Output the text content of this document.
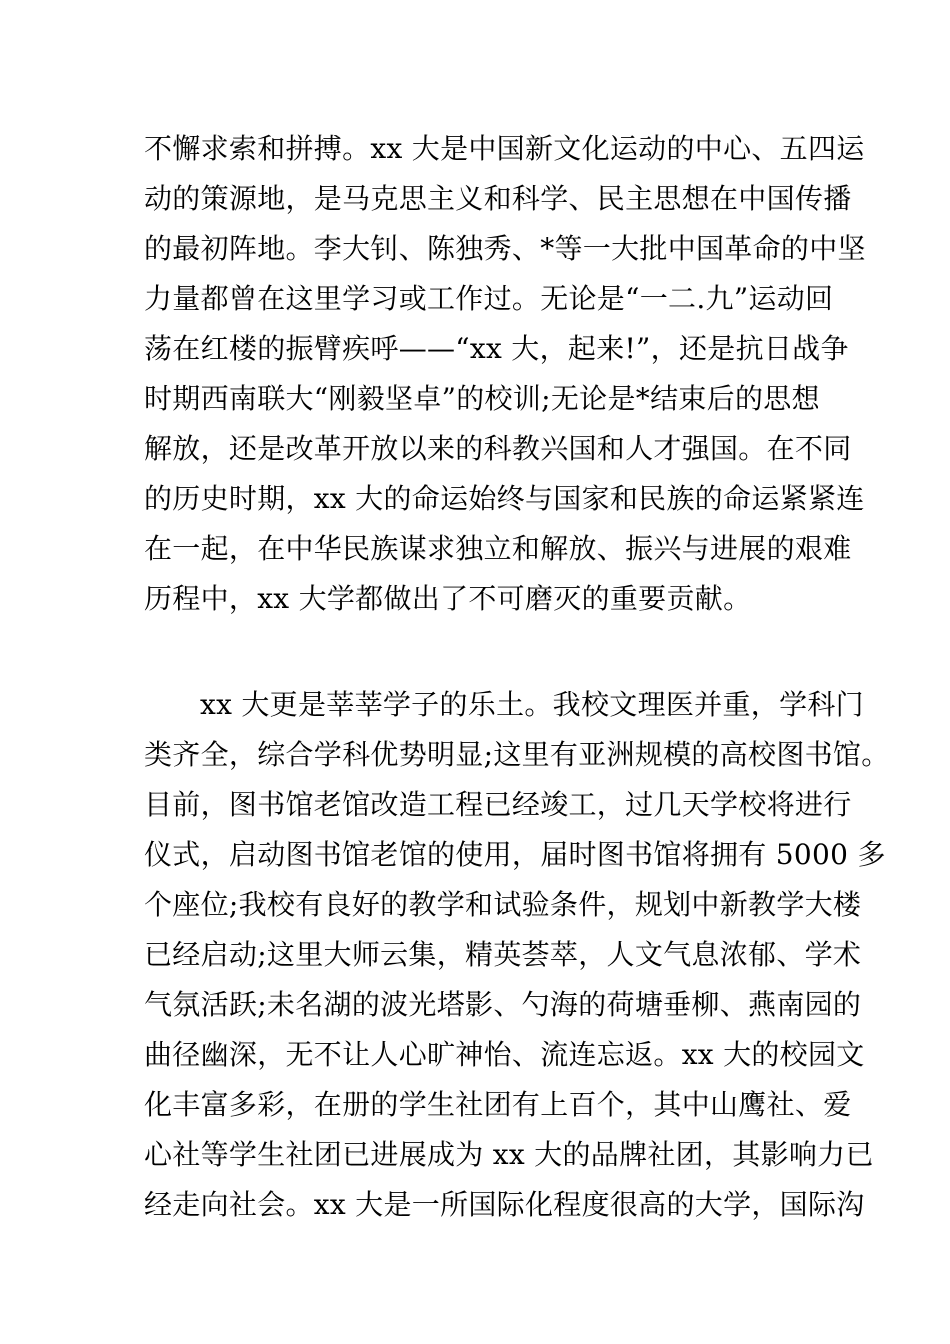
不懈求索和拼搏。xx 大是中国新文化运动的中心、五四运
动的策源地，是马克思主义和科学、民主思想在中国传播
的最初阵地。李大钊、陈独秀、*等一大批中国革命的中坚
力量都曾在这里学习或工作过。无论是“一二.九”运动回
荡在红楼的振臂疾呼——“xx 大，起来!”，还是抗日战争
时期西南联大“刚毅坚卓”的校训;无论是*结束后的思想
解放，还是改革开放以来的科教兴国和人才强国。在不同
的历史时期，xx 大的命运始终与国家和民族的命运紧紧连
在一起，在中华民族谋求独立和解放、振兴与进展的艰难
历程中，xx 大学都做出了不可磨灭的重要贡献。
xx 大更是莘莘学子的乐土。我校文理医并重，学科门
类齐全，综合学科优势明显;这里有亚洲规模的高校图书馆。
目前，图书馆老馆改造工程已经竣工，过几天学校将进行
仪式，启动图书馆老馆的使用，届时图书馆将拥有 5000 多
个座位;我校有良好的教学和试验条件，规划中新教学大楼
已经启动;这里大师云集，精英荟萃，人文气息浓郁、学术
气氛活跃;未名湖的波光塔影、勺海的荷塘垂柳、燕南园的
曲径幽深，无不让人心旷神怡、流连忘返。xx 大的校园文
化丰富多彩，在册的学生社团有上百个，其中山鹰社、爱
心社等学生社团已进展成为 xx 大的品牌社团，其影响力已
经走向社会。xx 大是一所国际化程度很高的大学，国际沟
